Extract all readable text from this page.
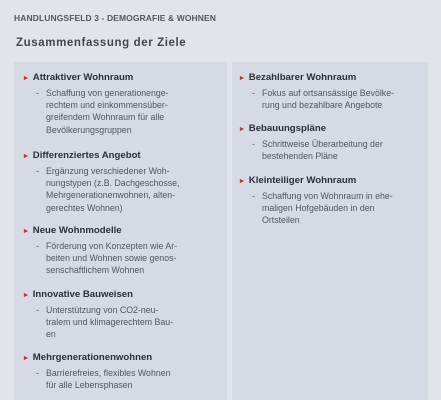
HANDLUNGSFELD 3 - DEMOGRAFIE & WOHNEN
Zusammenfassung der Ziele
▸ Attraktiver Wohnraum
- Schaffung von generationenge-
rechtem und einkommensüber-
greifendem Wohnraum für alle
Bevölkerungsgruppen
▸ Differenziertes Angebot
- Ergänzung verschiedener Woh-
nungstypen (z.B. Dachgeschosse,
Mehrgenerationenwohnen, alten-
gerechtes Wohnen)
▸ Neue Wohnmodelle
- Förderung von Konzepten wie Ar-
beiten und Wohnen sowie genos-
senschaftlichem Wohnen
▸ Innovative Bauweisen
- Unterstützung von CO2-neu-
tralem und klimagerechtem Bau-
en
▸ Mehrgenerationenwohnen
- Barrierefreies, flexibles Wohnen
für alle Lebensphasen
▸ Bezahlbarer Wohnraum
- Fokus auf ortsansässige Bevölke-
rung und bezahlbare Angebote
▸ Bebauungspläne
- Schrittweise Überarbeitung der
bestehenden Pläne
▸ Kleinteiliger Wohnraum
- Schaffung von Wohnraum in ehe-
maligen Hofgebäuden in den
Ortsteilen
